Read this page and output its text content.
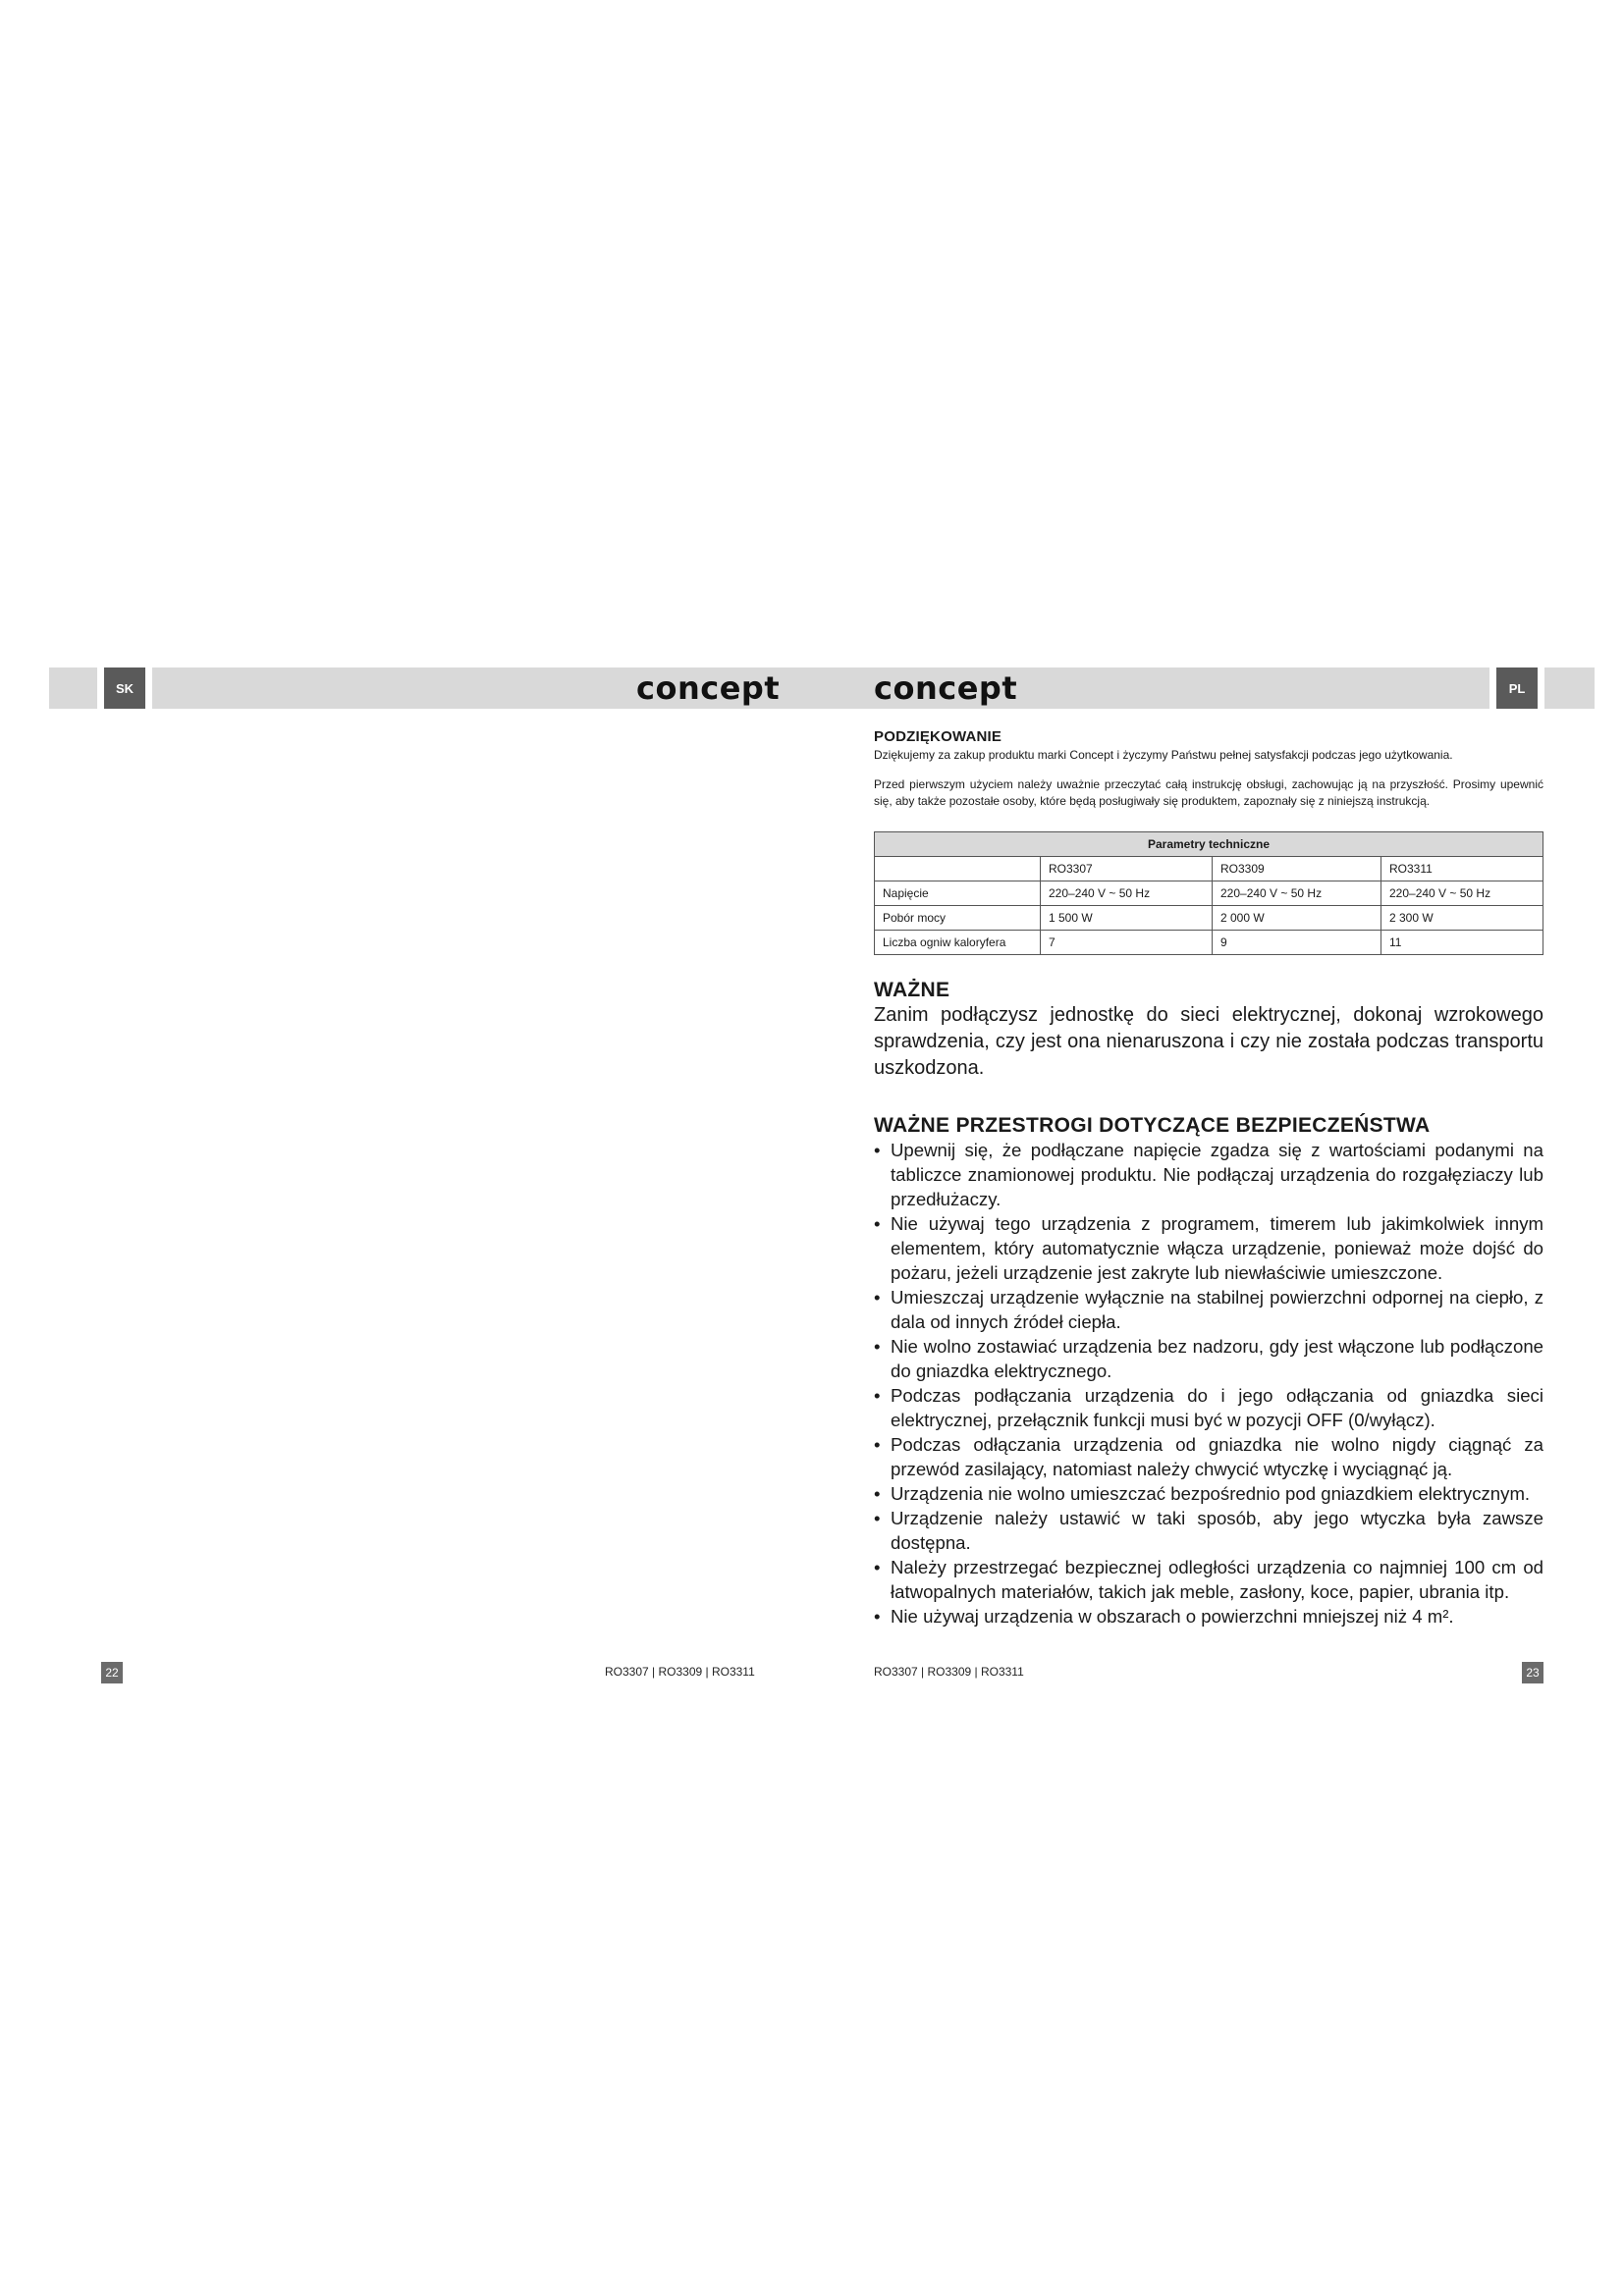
SK	PL
concept	concept
PODZIĘKOWANIE

Dziękujemy za zakup produktu marki Concept i życzymy Państwu pełnej satysfakcji podczas jego użytkowania.

Przed pierwszym użyciem należy uważnie przeczytać całą instrukcję obsługi, zachowując ją na przyszłość. Prosimy upewnić się, aby także pozostałe osoby, które będą posługiwały się produktem, zapoznały się z niniejszą instrukcją.

Parametry techniczne			
	RO3307	RO3309	RO3311
Napięcie	220–240 V ~ 50 Hz	220–240 V ~ 50 Hz	220–240 V ~ 50 Hz
Pobór mocy	1 500 W	2 000 W	2 300 W
Liczba ogniw kaloryfera	7	9	11
WAŻNE

Zanim podłączysz jednostkę do sieci elektrycznej, dokonaj wzrokowego sprawdzenia, czy jest ona nienaruszona i czy nie została podczas transportu uszkodzona.

WAŻNE PRZESTROGI DOTYCZĄCE BEZPIECZEŃSTWA
• Upewnij się, że podłączane napięcie zgadza się z wartościami podanymi na tabliczce znamionowej produktu. Nie podłączaj urządzenia do rozgałęziaczy lub przedłużaczy.
• Nie używaj tego urządzenia z programem, timerem lub jakimkolwiek innym elementem, który automatycznie włącza urządzenie, ponieważ może dojść do pożaru, jeżeli urządzenie jest zakryte lub niewłaściwie umieszczone.
• Umieszczaj urządzenie wyłącznie na stabilnej powierzchni odpornej na ciepło, z dala od innych źródeł ciepła.
• Nie wolno zostawiać urządzenia bez nadzoru, gdy jest włączone lub podłączone do gniazdka elektrycznego.
• Podczas podłączania urządzenia do i jego odłączania od gniazdka sieci elektrycznej, przełącznik funkcji musi być w pozycji OFF (0/wyłącz).
• Podczas odłączania urządzenia od gniazdka nie wolno nigdy ciągnąć za przewód zasilający, natomiast należy chwycić wtyczkę i wyciągnąć ją.
• Urządzenia nie wolno umieszczać bezpośrednio pod gniazdkiem elektrycznym.
• Urządzenie należy ustawić w taki sposób, aby jego wtyczka była zawsze dostępna.
• Należy przestrzegać bezpiecznej odległości urządzenia co najmniej 100 cm od łatwopalnych materiałów, takich jak meble, zasłony, koce, papier, ubrania itp.
• Nie używaj urządzenia w obszarach o powierzchni mniejszej niż 4 m².
22	RO3307 | RO3309 | RO3311	RO3307 | RO3309 | RO3311	23
